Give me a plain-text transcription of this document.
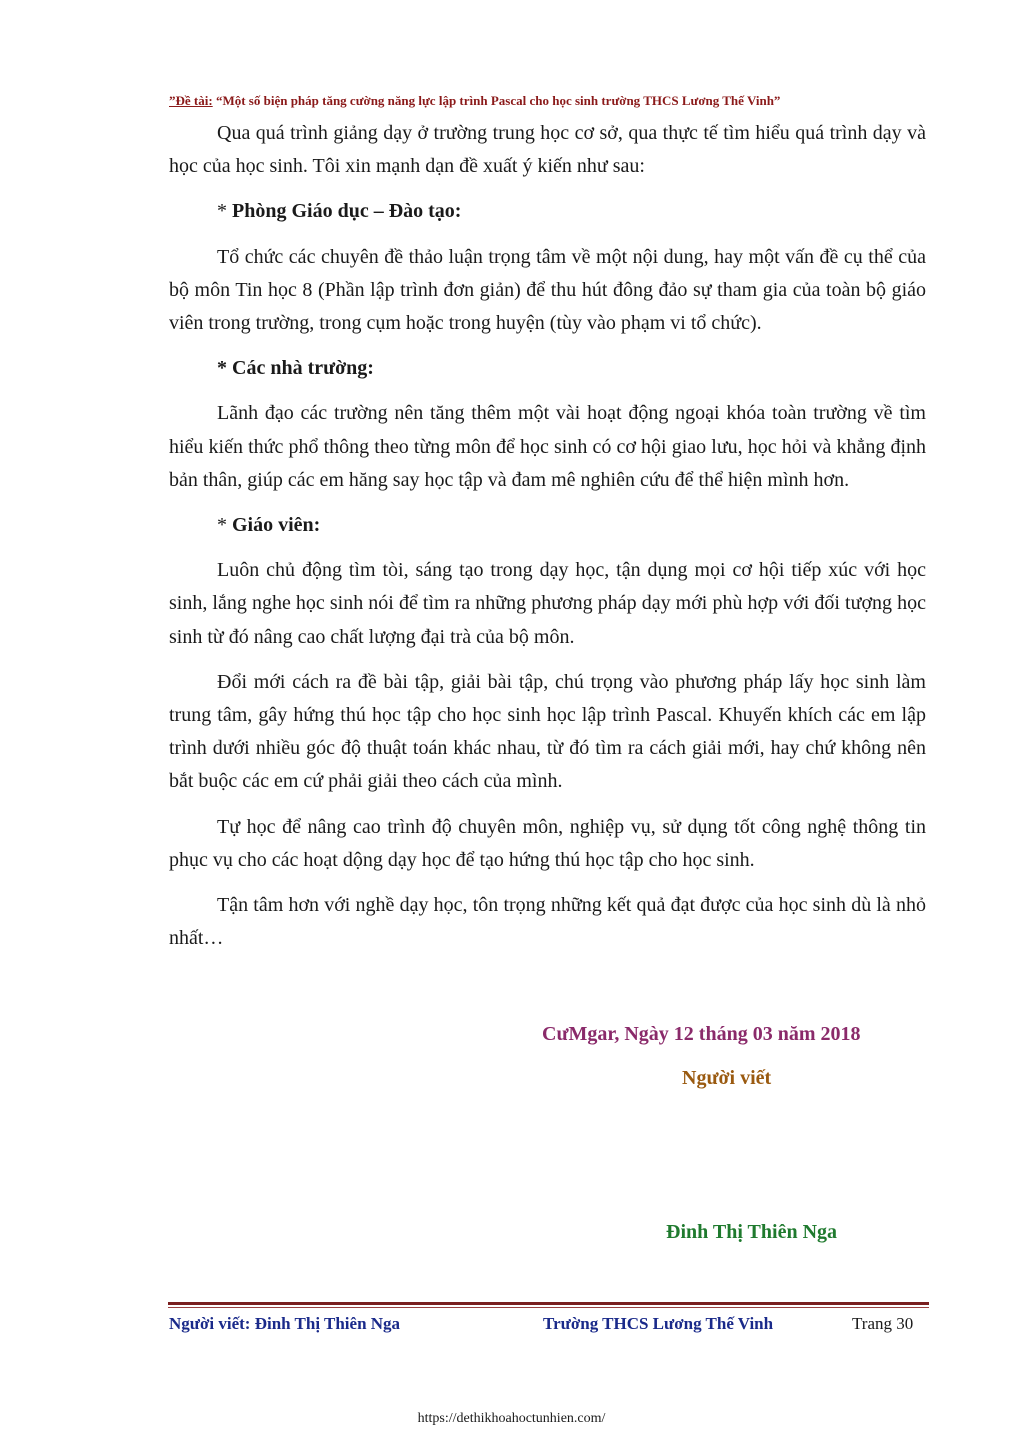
”Đề tài: “Một số biện pháp tăng cường năng lực lập trình Pascal cho học sinh trường THCS Lương Thế Vinh”

Qua quá trình giảng dạy ở trường trung học cơ sở, qua thực tế tìm hiểu quá trình dạy và học của học sinh. Tôi xin mạnh dạn đề xuất ý kiến như sau:

* Phòng Giáo dục – Đào tạo:

Tổ chức các chuyên đề thảo luận trọng tâm về một nội dung, hay một vấn đề cụ thể của bộ môn Tin học 8 (Phần lập trình đơn giản) để thu hút đông đảo sự tham gia của toàn bộ giáo viên trong trường, trong cụm hoặc trong huyện (tùy vào phạm vi tổ chức).

* Các nhà trường:

Lãnh đạo các trường nên tăng thêm một vài hoạt động ngoại khóa toàn trường về tìm hiểu kiến thức phổ thông theo từng môn để học sinh có cơ hội giao lưu, học hỏi và khẳng định bản thân, giúp các em hăng say học tập và đam mê nghiên cứu để thể hiện mình hơn.

* Giáo viên:

Luôn chủ động tìm tòi, sáng tạo trong dạy học, tận dụng mọi cơ hội tiếp xúc với học sinh, lắng nghe học sinh nói để tìm ra những phương pháp dạy mới phù hợp với đối tượng học sinh từ đó nâng cao chất lượng đại trà của bộ môn.

Đổi mới cách ra đề bài tập, giải bài tập, chú trọng vào phương pháp lấy học sinh làm trung tâm, gây hứng thú học tập cho học sinh học lập trình Pascal. Khuyến khích các em lập trình dưới nhiều góc độ thuật toán khác nhau, từ đó tìm ra cách giải mới, hay chứ không nên bắt buộc các em cứ phải giải theo cách của mình.

Tự học để nâng cao trình độ chuyên môn, nghiệp vụ, sử dụng tốt công nghệ thông tin phục vụ cho các hoạt dộng dạy học để tạo hứng thú học tập cho học sinh.

Tận tâm hơn với nghề dạy học, tôn trọng những kết quả đạt được của học sinh dù là nhỏ nhất…

CưMgar, Ngày 12 tháng 03 năm 2018
Người viết
Đinh Thị Thiên Nga
Người viết: Đinh Thị Thiên Nga	Trường THCS Lương Thế Vinh	Trang 30
https://dethikhoahoctunhien.com/
